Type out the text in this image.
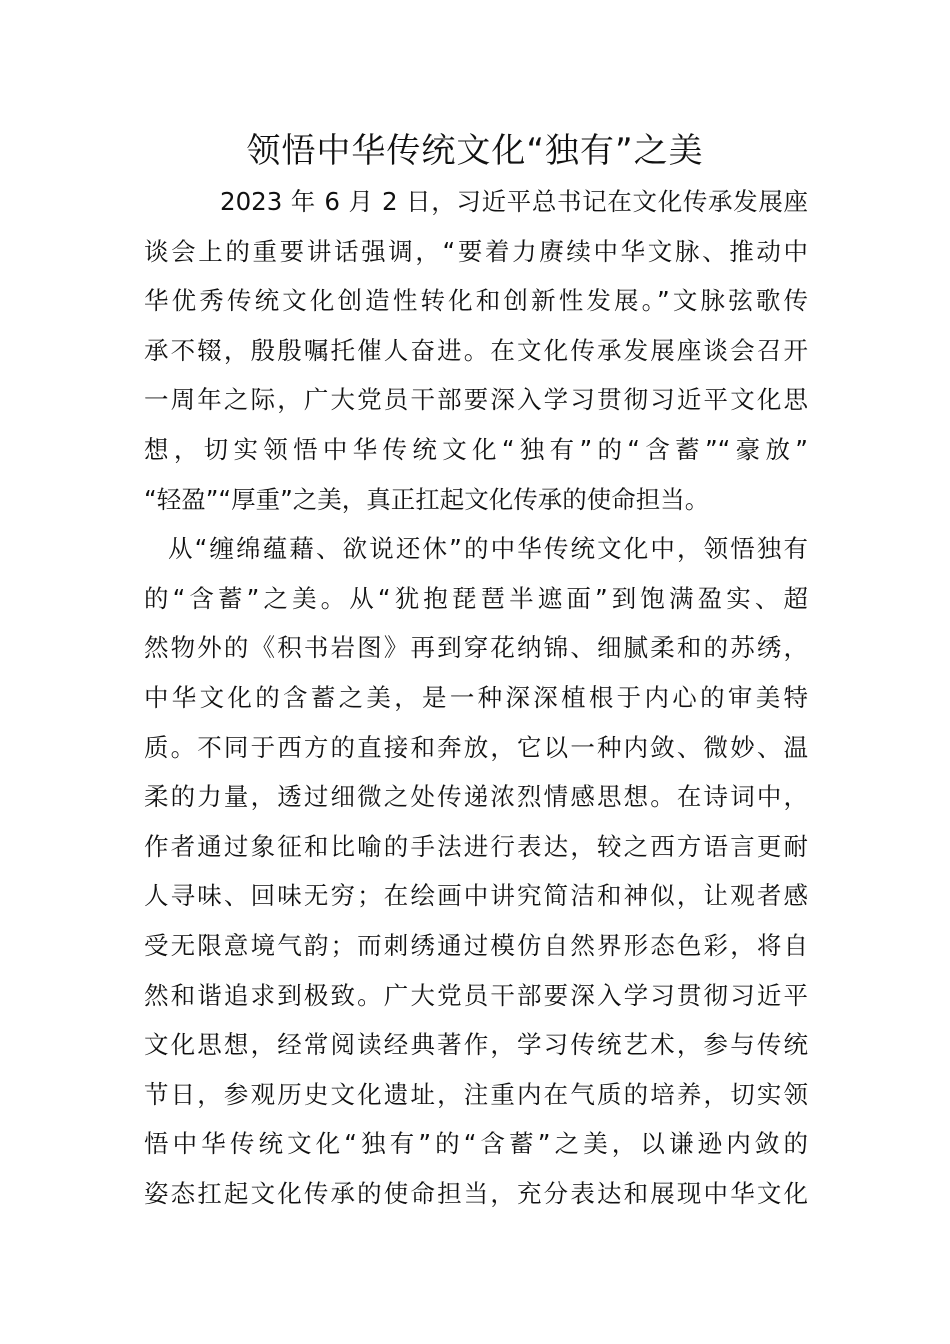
领悟中华传统文化“独有”之美
2023 年 6 月 2 日，习近平总书记在文化传承发展座
谈会上的重要讲话强调，“要着力赓续中华文脉、推动中
华优秀传统文化创造性转化和创新性发展。”文脉弦歌传
承不辍，殷殷嘱托催人奋进。在文化传承发展座谈会召开
一周年之际，广大党员干部要深入学习贯彻习近平文化思
想，切实领悟中华传统文化“独有”的“含蓄”“豪放”
“轻盈”“厚重”之美，真正扛起文化传承的使命担当。
从“缠绵蕴藉、欲说还休”的中华传统文化中，领悟独有
的“含蓄”之美。从“犹抱琵琶半遮面”到饱满盈实、超
然物外的《积书岩图》再到穿花纳锦、细腻柔和的苏绣，
中华文化的含蓄之美，是一种深深植根于内心的审美特
质。不同于西方的直接和奔放，它以一种内敛、微妙、温
柔的力量，透过细微之处传递浓烈情感思想。在诗词中，
作者通过象征和比喻的手法进行表达，较之西方语言更耐
人寻味、回味无穷；在绘画中讲究简洁和神似，让观者感
受无限意境气韵；而刺绣通过模仿自然界形态色彩，将自
然和谐追求到极致。广大党员干部要深入学习贯彻习近平
文化思想，经常阅读经典著作，学习传统艺术，参与传统
节日，参观历史文化遗址，注重内在气质的培养，切实领
悟中华传统文化“独有”的“含蓄”之美，以谦逊内敛的
姿态扛起文化传承的使命担当，充分表达和展现中华文化
